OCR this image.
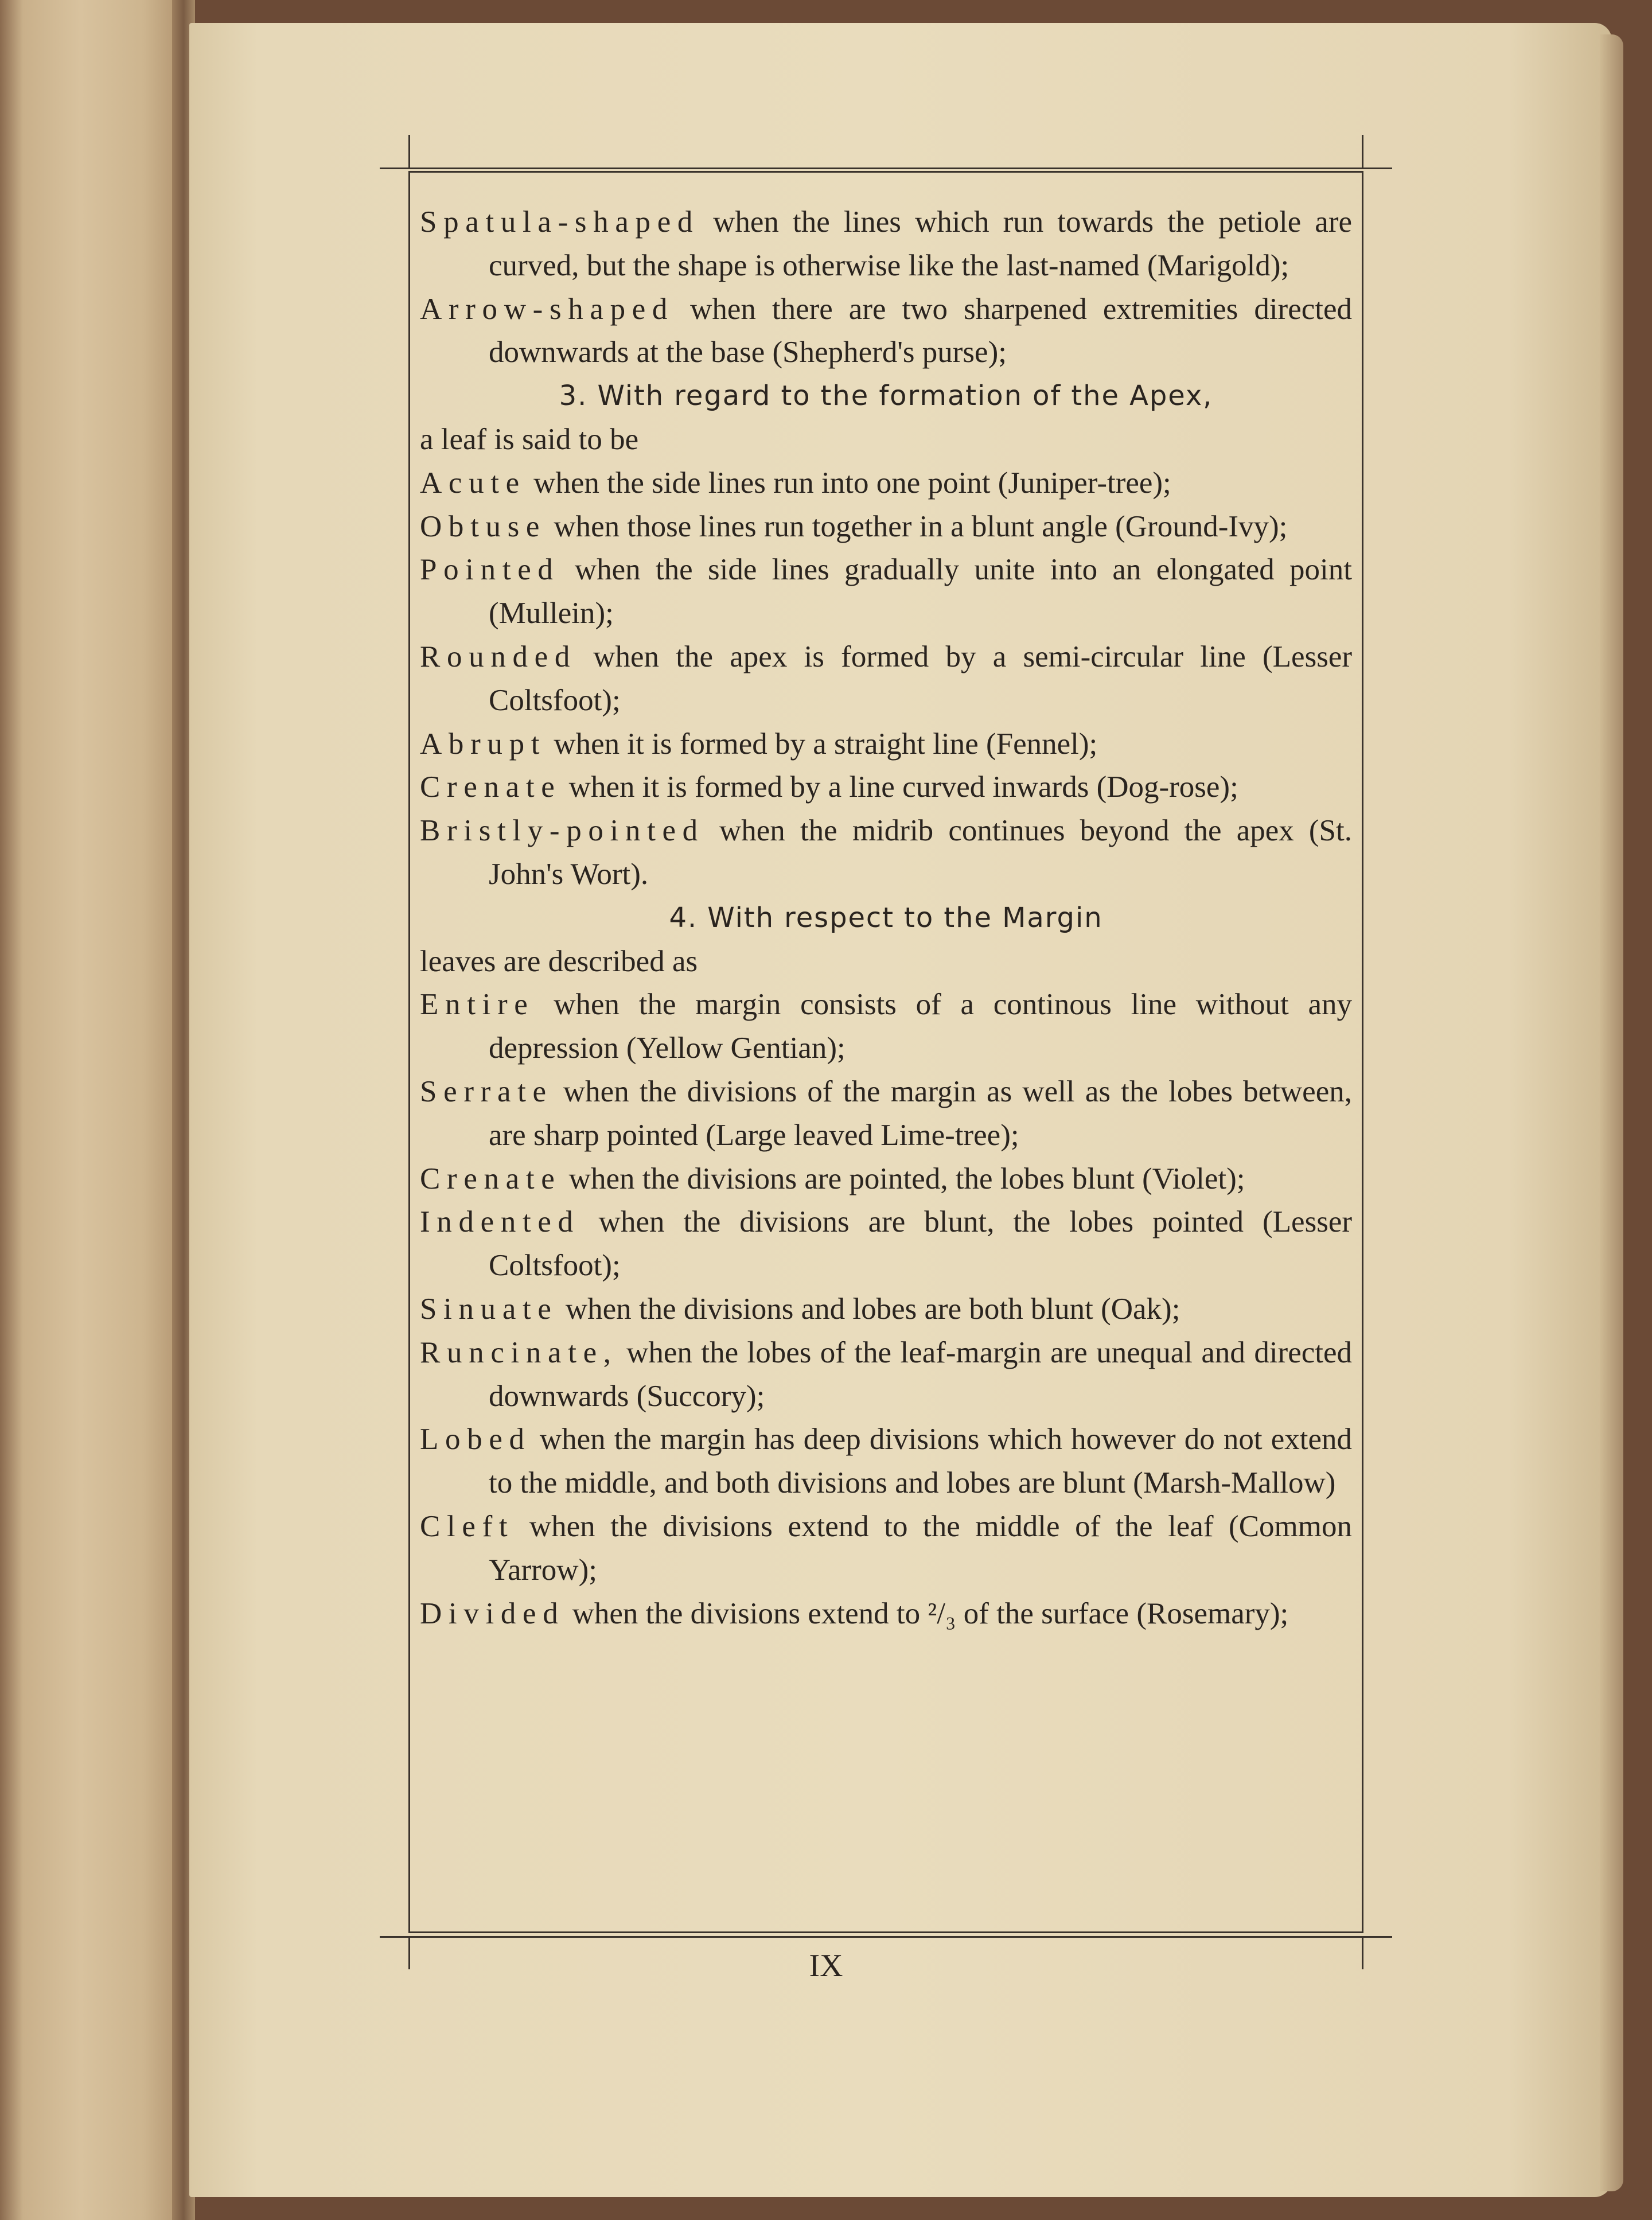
Spatula-shaped when the lines which run towards the petiole are curved, but the shape is otherwise like the last-named (Marigold);

Arrow-shaped when there are two sharpened extremities directed downwards at the base (Shepherd's purse);

3. With regard to the formation of the Apex,

a leaf is said to be

Acute when the side lines run into one point (Juniper-tree);

Obtuse when those lines run together in a blunt angle (Ground-Ivy);

Pointed when the side lines gradually unite into an elongated point (Mullein);

Rounded when the apex is formed by a semi-circular line (Lesser Coltsfoot);

Abrupt when it is formed by a straight line (Fennel);

Crenate when it is formed by a line curved inwards (Dog-rose);

Bristly-pointed when the midrib continues beyond the apex (St. John's Wort).

4. With respect to the Margin

leaves are described as

Entire when the margin consists of a continous line without any depression (Yellow Gentian);

Serrate when the divisions of the margin as well as the lobes between, are sharp pointed (Large leaved Lime-tree);

Crenate when the divisions are pointed, the lobes blunt (Violet);

Indented when the divisions are blunt, the lobes pointed (Lesser Coltsfoot);

Sinuate when the divisions and lobes are both blunt (Oak);

Runcinate, when the lobes of the leaf-margin are unequal and directed downwards (Succory);

Lobed when the margin has deep divisions which however do not extend to the middle, and both divisions and lobes are blunt (Marsh-Mallow)

Cleft when the divisions extend to the middle of the leaf (Common Yarrow);

Divided when the divisions extend to ²/₃ of the surface (Rosemary);

IX
